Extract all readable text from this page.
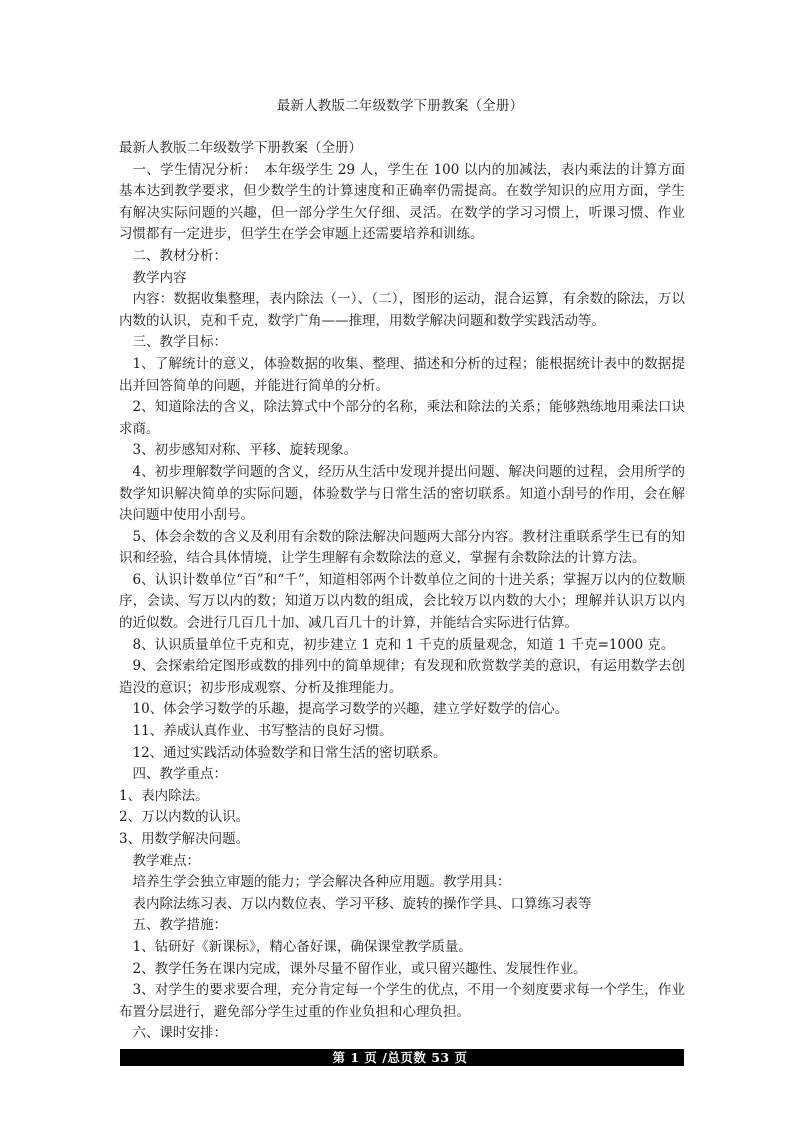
最新人教版二年级数学下册教案（全册）

最新人教版二年级数学下册教案（全册）

一、学生情况分析：　本年级学生 29 人，学生在 100 以内的加减法，表内乘法的计算方面基本达到教学要求，但少数学生的计算速度和正确率仍需提高。在数学知识的应用方面，学生有解决实际问题的兴趣，但一部分学生欠仔细、灵活。在数学的学习习惯上，听课习惯、作业习惯都有一定进步，但学生在学会审题上还需要培养和训练。

二、教材分析：

教学内容

内容：数据收集整理，表内除法（一）、（二），图形的运动，混合运算，有余数的除法，万以内数的认识，克和千克，数学广角——推理，用数学解决问题和数学实践活动等。

三、教学目标：

1、了解统计的意义，体验数据的收集、整理、描述和分析的过程；能根据统计表中的数据提出并回答简单的问题，并能进行简单的分析。

2、知道除法的含义，除法算式中个部分的名称，乘法和除法的关系；能够熟练地用乘法口诀求商。

3、初步感知对称、平移、旋转现象。

4、初步理解数学问题的含义，经历从生活中发现并提出问题、解决问题的过程，会用所学的数学知识解决简单的实际问题，体验数学与日常生活的密切联系。知道小刮号的作用，会在解决问题中使用小刮号。

5、体会余数的含义及利用有余数的除法解决问题两大部分内容。教材注重联系学生已有的知识和经验，结合具体情境，让学生理解有余数除法的意义，掌握有余数除法的计算方法。

6、认识计数单位“百”和“千”，知道相邻两个计数单位之间的十进关系；掌握万以内的位数顺序，会读、写万以内的数；知道万以内数的组成，会比较万以内数的大小；理解并认识万以内的近似数。会进行几百几十加、减几百几十的计算，并能结合实际进行估算。

8、认识质量单位千克和克，初步建立 1 克和 1 千克的质量观念，知道 1 千克=1000 克。

9、会探索给定图形或数的排列中的简单规律；有发现和欣赏数学美的意识，有运用数学去创造没的意识；初步形成观察、分析及推理能力。

10、体会学习数学的乐趣，提高学习数学的兴趣，建立学好数学的信心。

11、养成认真作业、书写整洁的良好习惯。

12、通过实践活动体验数学和日常生活的密切联系。

四、教学重点：

1、表内除法。

2、万以内数的认识。

3、用数学解决问题。

教学难点：

培养生学会独立审题的能力；学会解决各种应用题。教学用具：

表内除法练习表、万以内数位表、学习平移、旋转的操作学具、口算练习表等

五、教学措施：

1、钻研好《新课标》，精心备好课，确保课堂教学质量。

2、教学任务在课内完成，课外尽量不留作业，或只留兴趣性、发展性作业。

3、对学生的要求要合理，充分肯定每一个学生的优点，不用一个刻度要求每一个学生，作业布置分层进行，避免部分学生过重的作业负担和心理负担。

六、课时安排：

第 1 页 /总页数 53 页
